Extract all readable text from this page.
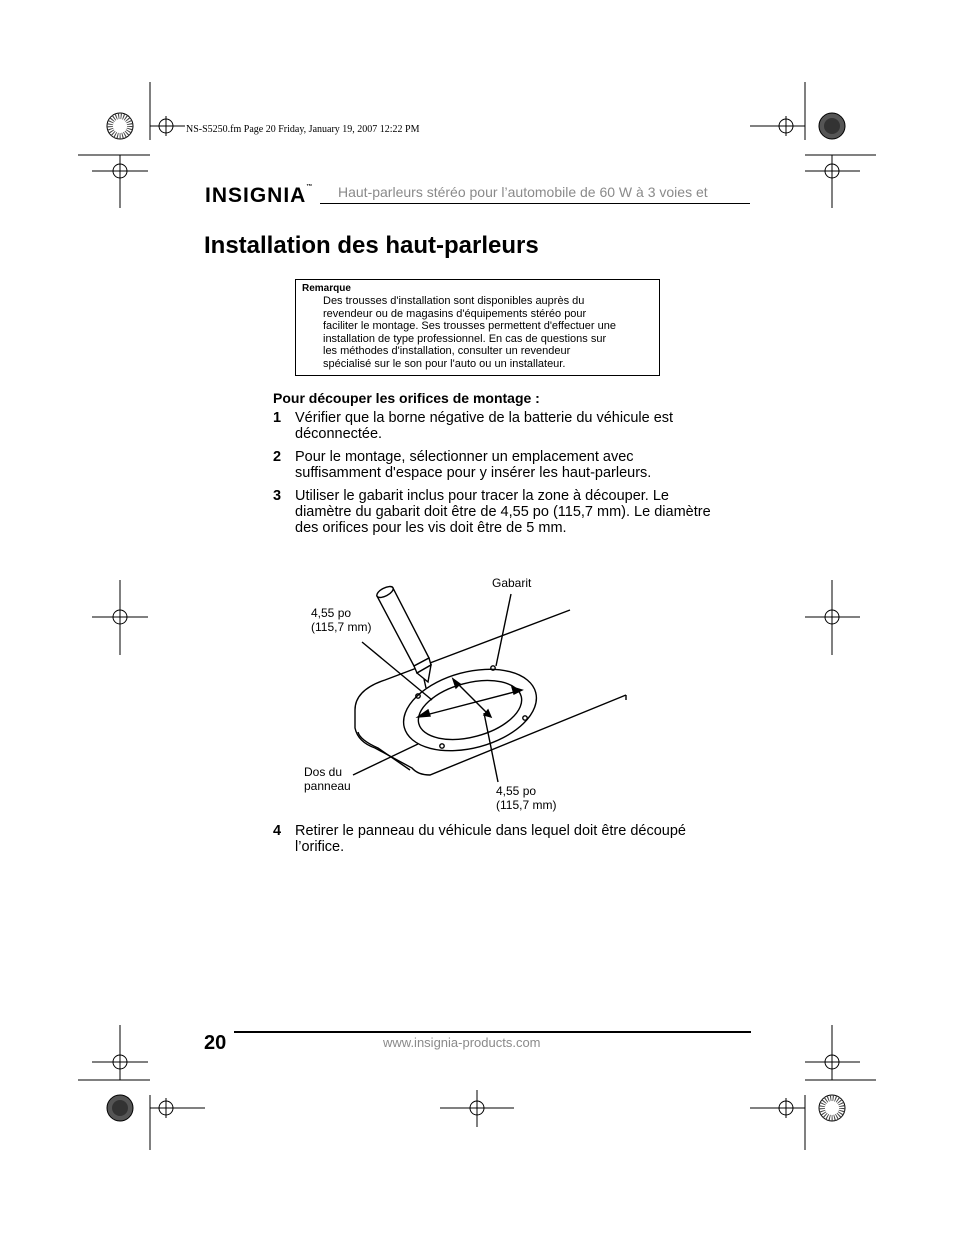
NS-S5250.fm Page 20 Friday, January 19, 2007 12:22 PM
INSIGNIA™ Haut-parleurs stéréo pour l’automobile de 60 W à 3 voies et
Installation des haut-parleurs
Remarque
Des trousses d'installation sont disponibles auprès du
revendeur ou de magasins d'équipements stéréo pour
faciliter le montage. Ses trousses permettent d'effectuer une
installation de type professionnel. En cas de questions sur
les méthodes d'installation, consulter un revendeur
spécialisé sur le son pour l'auto ou un installateur.
Pour découper les orifices de montage :
1 Vérifier que la borne négative de la batterie du véhicule est
déconnectée.
2 Pour le montage, sélectionner un emplacement avec
suffisamment d'espace pour y insérer les haut-parleurs.
3 Utiliser le gabarit inclus pour tracer la zone à découper. Le
diamètre du gabarit doit être de 4,55 po (115,7 mm). Le diamètre
des orifices pour les vis doit être de 5 mm.
Gabarit
4,55 po
(115,7 mm)
Dos du
panneau	4,55 po
(115,7 mm)
4 Retirer le panneau du véhicule dans lequel doit être découpé
l’orifice.
20	www.insignia-products.com
